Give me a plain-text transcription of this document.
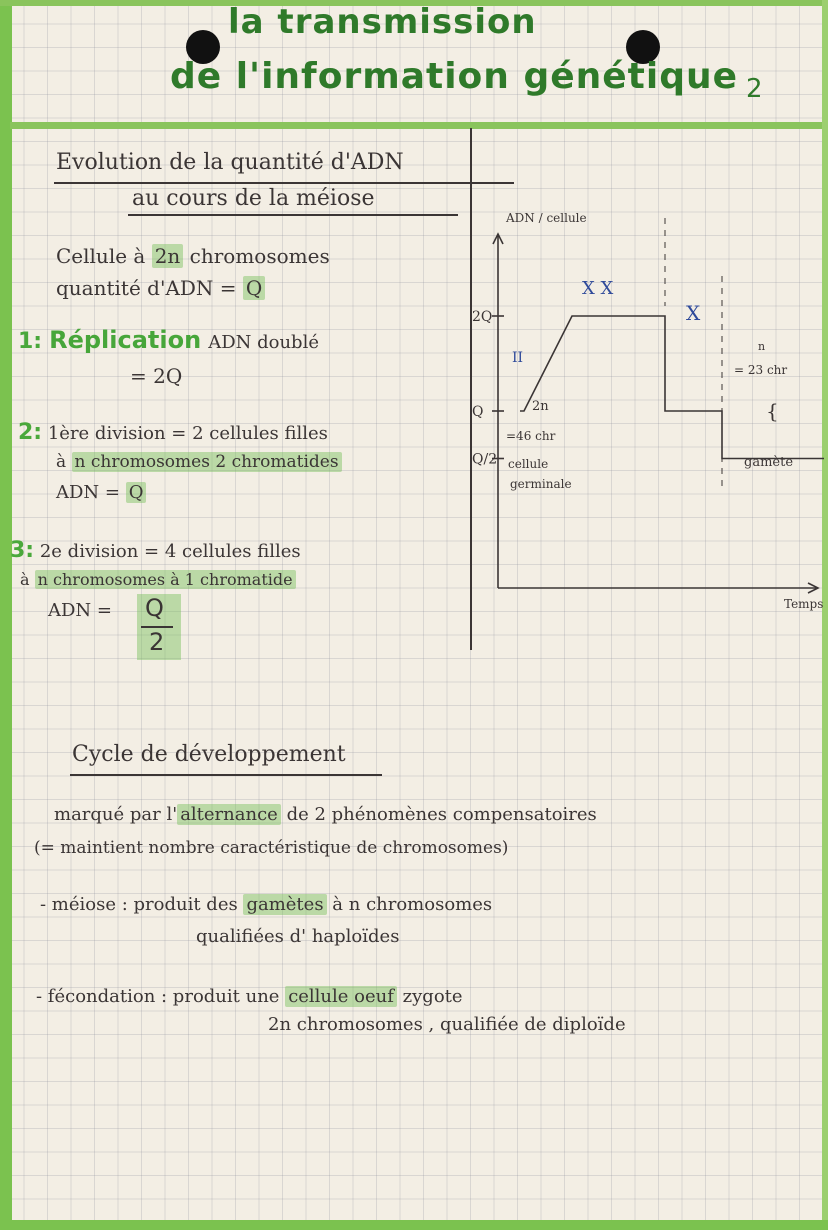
la transmission
de l'information génétique 2
Evolution de la quantité d'ADN
au cours de la méiose
Cellule à 2n chromosomes
quantité d'ADN = Q
1: Réplication ADN doublé
= 2Q
2: 1ère division = 2 cellules filles
à n chromosomes 2 chromatides
ADN = Q
3: 2e division = 4 cellules filles
à n chromosomes à 1 chromatide
ADN = Q
2
ADN / cellule
Temps
2Q
Q
Q/2
II
X X
X
2n
=46 chr
cellule
germinale
n
= 23 chr
{
gamète
Cycle de développement
marqué par l' alternance de 2 phénomènes compensatoires
(= maintient nombre caractéristique de chromosomes)
- méiose : produit des gamètes à n chromosomes
qualifiées d' haploïdes
- fécondation : produit une cellule oeuf zygote
2n chromosomes , qualifiée de diploïde
